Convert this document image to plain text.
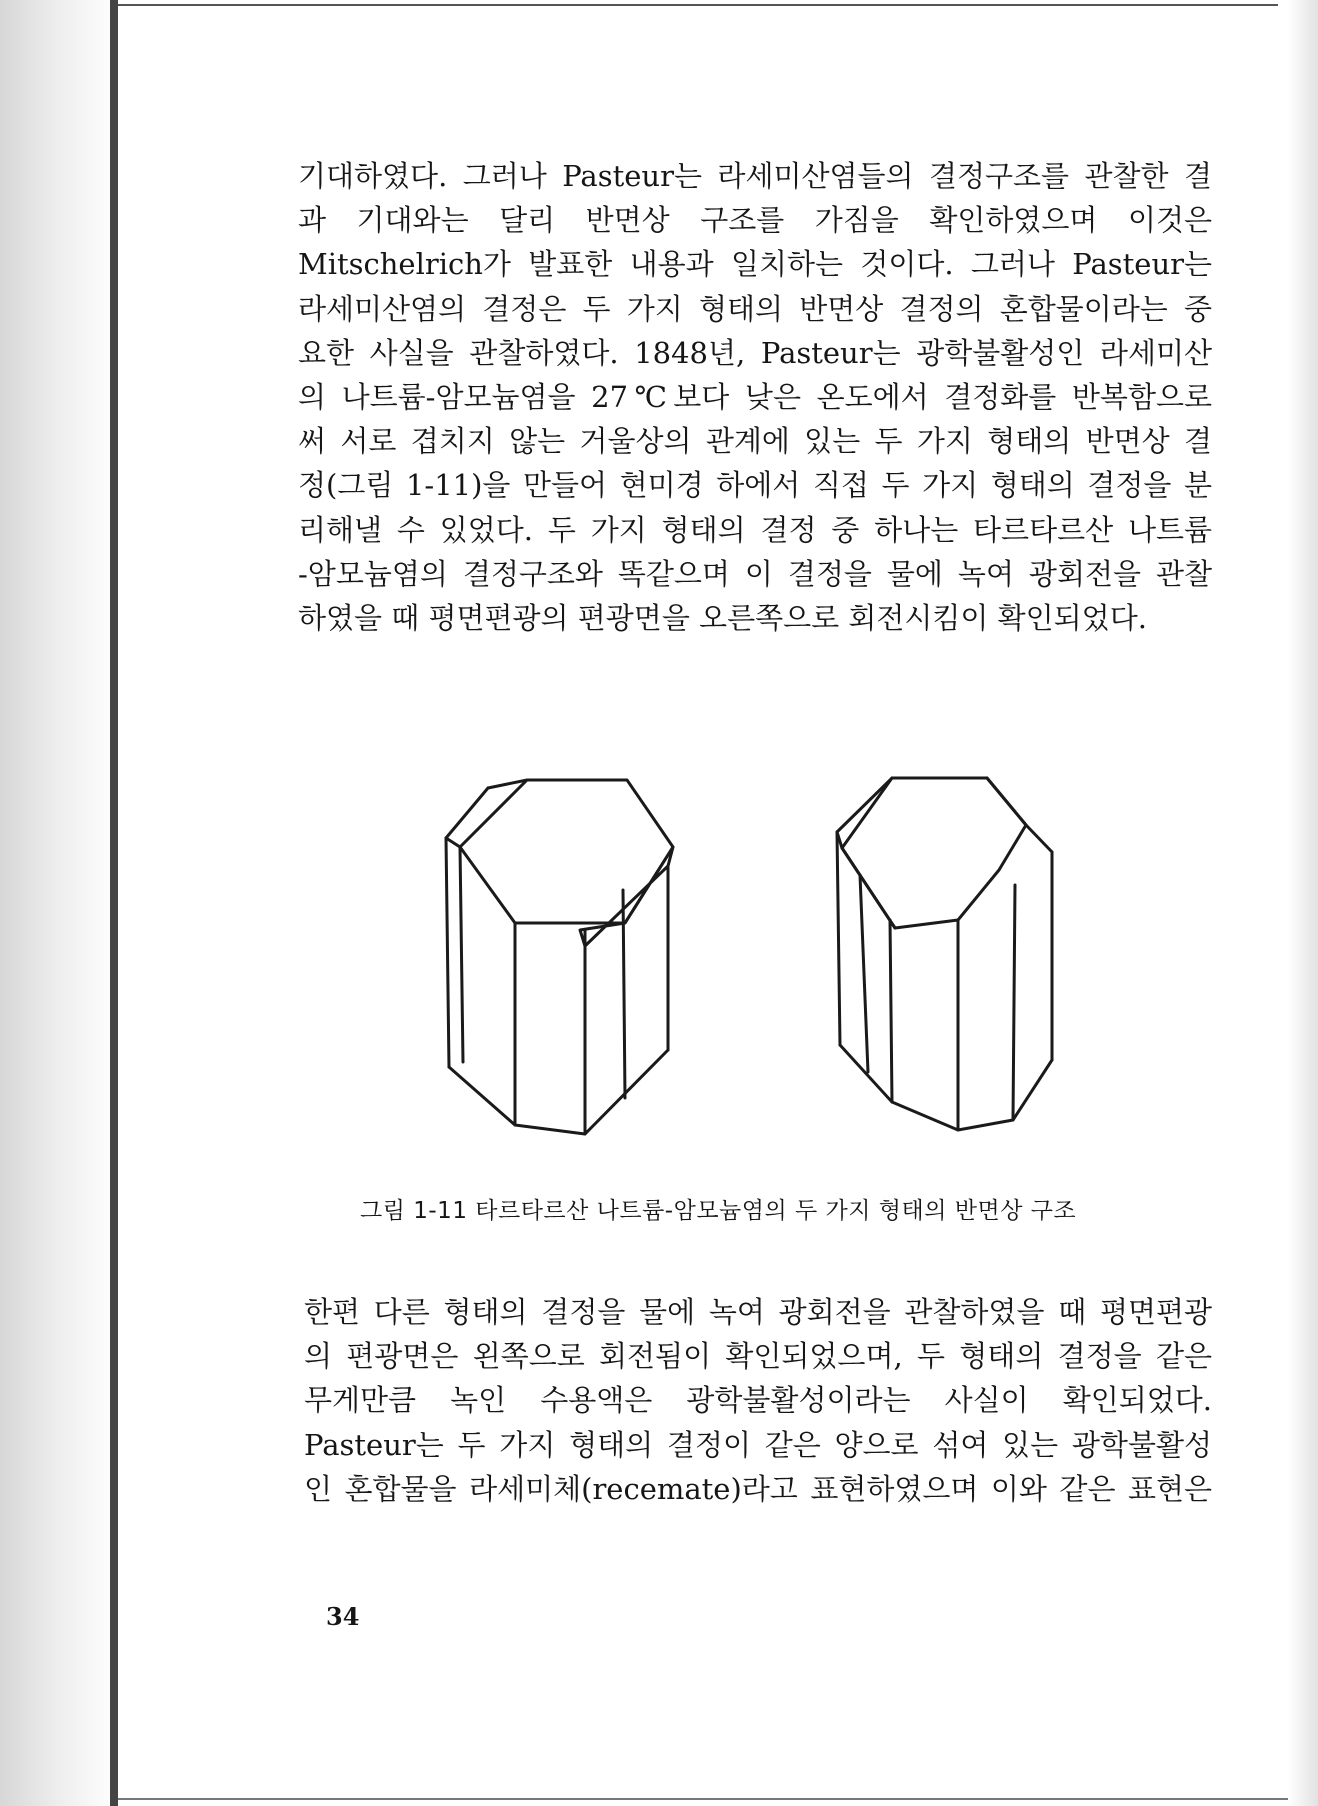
기대하였다. 그러나 Pasteur는 라세미산염들의 결정구조를 관찰한 결
과 기대와는 달리 반면상 구조를 가짐을 확인하였으며 이것은
Mitschelrich가 발표한 내용과 일치하는 것이다. 그러나 Pasteur는
라세미산염의 결정은 두 가지 형태의 반면상 결정의 혼합물이라는 중
요한 사실을 관찰하였다. 1848년, Pasteur는 광학불활성인 라세미산
의 나트륨-암모늄염을 27℃보다 낮은 온도에서 결정화를 반복함으로
써 서로 겹치지 않는 거울상의 관계에 있는 두 가지 형태의 반면상 결
정(그림 1-11)을 만들어 현미경 하에서 직접 두 가지 형태의 결정을 분
리해낼 수 있었다. 두 가지 형태의 결정 중 하나는 타르타르산 나트륨
-암모늄염의 결정구조와 똑같으며 이 결정을 물에 녹여 광회전을 관찰
하였을 때 평면편광의 편광면을 오른쪽으로 회전시킴이 확인되었다.
그림 1-11 타르타르산 나트륨-암모늄염의 두 가지 형태의 반면상 구조
한편 다른 형태의 결정을 물에 녹여 광회전을 관찰하였을 때 평면편광
의 편광면은 왼쪽으로 회전됨이 확인되었으며, 두 형태의 결정을 같은
무게만큼 녹인 수용액은 광학불활성이라는 사실이 확인되었다.
Pasteur는 두 가지 형태의 결정이 같은 양으로 섞여 있는 광학불활성
인 혼합물을 라세미체(recemate)라고 표현하였으며 이와 같은 표현은
34
